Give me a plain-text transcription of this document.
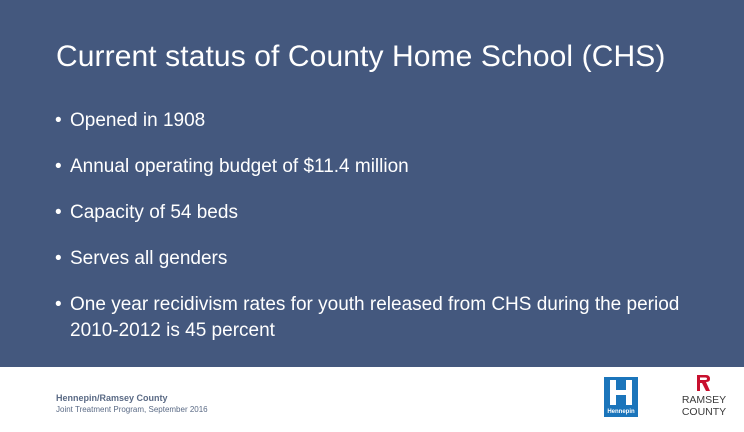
Current status of County Home School (CHS)
• Opened in 1908
• Annual operating budget of $11.4 million
• Capacity of 54 beds
• Serves all genders
• One year recidivism rates for youth released from CHS during the period 2010-2012 is 45 percent
Hennepin/Ramsey County
Joint Treatment Program, September 2016	Hennepin
RAMSEY
COUNTY
